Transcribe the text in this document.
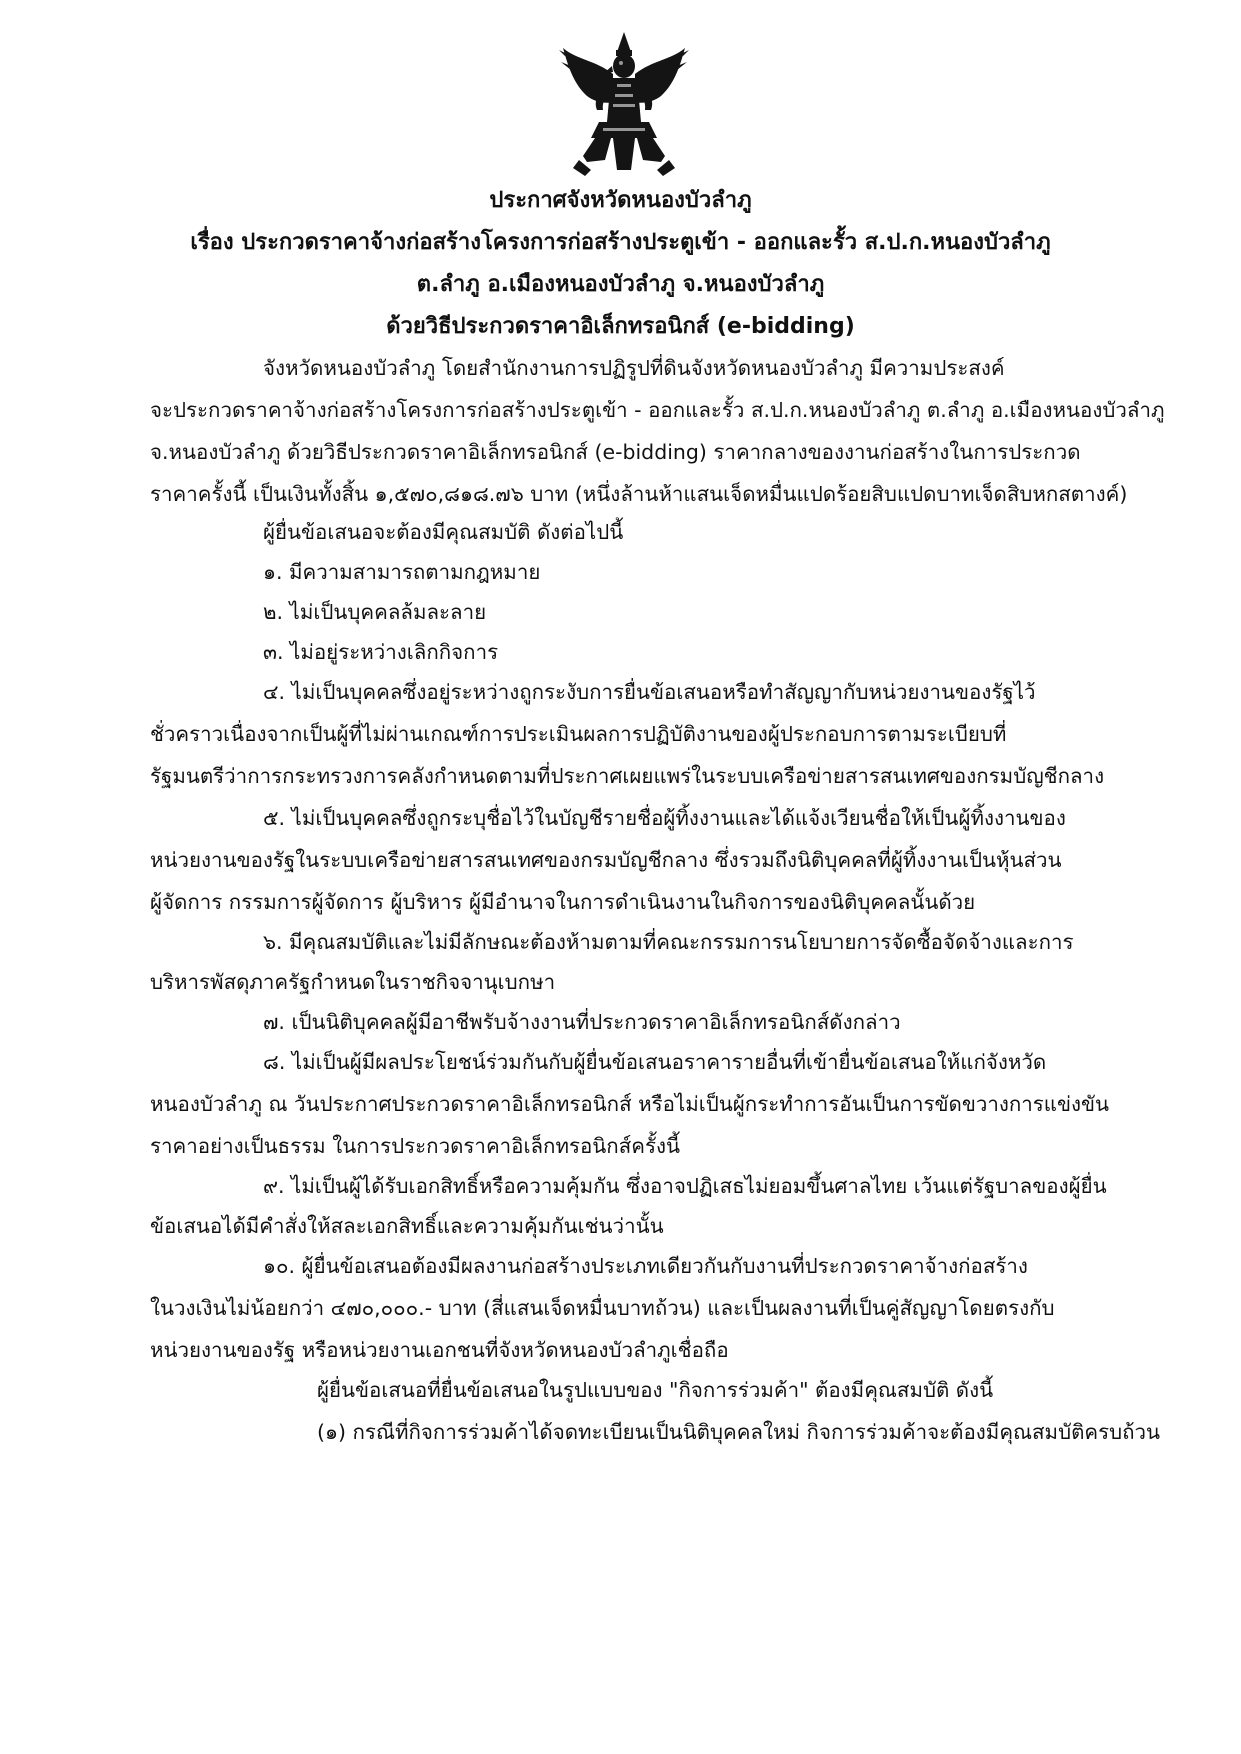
ประกาศจังหวัดหนองบัวลำภู
เรื่อง ประกวดราคาจ้างก่อสร้างโครงการก่อสร้างประตูเข้า - ออกและรั้ว ส.ป.ก.หนองบัวลำภู
ต.ลำภู อ.เมืองหนองบัวลำภู จ.หนองบัวลำภู
ด้วยวิธีประกวดราคาอิเล็กทรอนิกส์ (e-bidding)
จังหวัดหนองบัวลำภู โดยสำนักงานการปฏิรูปที่ดินจังหวัดหนองบัวลำภู มีความประสงค์
จะประกวดราคาจ้างก่อสร้างโครงการก่อสร้างประตูเข้า - ออกและรั้ว ส.ป.ก.หนองบัวลำภู ต.ลำภู อ.เมืองหนองบัวลำภู
จ.หนองบัวลำภู ด้วยวิธีประกวดราคาอิเล็กทรอนิกส์ (e-bidding) ราคากลางของงานก่อสร้างในการประกวด
ราคาครั้งนี้ เป็นเงินทั้งสิ้น ๑,๕๗๐,๘๑๘.๗๖ บาท (หนึ่งล้านห้าแสนเจ็ดหมื่นแปดร้อยสิบแปดบาทเจ็ดสิบหกสตางค์)
ผู้ยื่นข้อเสนอจะต้องมีคุณสมบัติ ดังต่อไปนี้
๑. มีความสามารถตามกฎหมาย
๒. ไม่เป็นบุคคลล้มละลาย
๓. ไม่อยู่ระหว่างเลิกกิจการ
๔. ไม่เป็นบุคคลซึ่งอยู่ระหว่างถูกระงับการยื่นข้อเสนอหรือทำสัญญากับหน่วยงานของรัฐไว้
ชั่วคราวเนื่องจากเป็นผู้ที่ไม่ผ่านเกณฑ์การประเมินผลการปฏิบัติงานของผู้ประกอบการตามระเบียบที่
รัฐมนตรีว่าการกระทรวงการคลังกำหนดตามที่ประกาศเผยแพร่ในระบบเครือข่ายสารสนเทศของกรมบัญชีกลาง
๕. ไม่เป็นบุคคลซึ่งถูกระบุชื่อไว้ในบัญชีรายชื่อผู้ทิ้งงานและได้แจ้งเวียนชื่อให้เป็นผู้ทิ้งงานของ
หน่วยงานของรัฐในระบบเครือข่ายสารสนเทศของกรมบัญชีกลาง ซึ่งรวมถึงนิติบุคคลที่ผู้ทิ้งงานเป็นหุ้นส่วน
ผู้จัดการ กรรมการผู้จัดการ ผู้บริหาร ผู้มีอำนาจในการดำเนินงานในกิจการของนิติบุคคลนั้นด้วย
๖. มีคุณสมบัติและไม่มีลักษณะต้องห้ามตามที่คณะกรรมการนโยบายการจัดซื้อจัดจ้างและการ
บริหารพัสดุภาครัฐกำหนดในราชกิจจานุเบกษา
๗. เป็นนิติบุคคลผู้มีอาชีพรับจ้างงานที่ประกวดราคาอิเล็กทรอนิกส์ดังกล่าว
๘. ไม่เป็นผู้มีผลประโยชน์ร่วมกันกับผู้ยื่นข้อเสนอราคารายอื่นที่เข้ายื่นข้อเสนอให้แก่จังหวัด
หนองบัวลำภู ณ วันประกาศประกวดราคาอิเล็กทรอนิกส์ หรือไม่เป็นผู้กระทำการอันเป็นการขัดขวางการแข่งขัน
ราคาอย่างเป็นธรรม ในการประกวดราคาอิเล็กทรอนิกส์ครั้งนี้
๙. ไม่เป็นผู้ได้รับเอกสิทธิ์หรือความคุ้มกัน ซึ่งอาจปฏิเสธไม่ยอมขึ้นศาลไทย เว้นแต่รัฐบาลของผู้ยื่น
ข้อเสนอได้มีคำสั่งให้สละเอกสิทธิ์และความคุ้มกันเช่นว่านั้น
๑๐. ผู้ยื่นข้อเสนอต้องมีผลงานก่อสร้างประเภทเดียวกันกับงานที่ประกวดราคาจ้างก่อสร้าง
ในวงเงินไม่น้อยกว่า ๔๗๐,๐๐๐.- บาท (สี่แสนเจ็ดหมื่นบาทถ้วน) และเป็นผลงานที่เป็นคู่สัญญาโดยตรงกับ
หน่วยงานของรัฐ หรือหน่วยงานเอกชนที่จังหวัดหนองบัวลำภูเชื่อถือ
ผู้ยื่นข้อเสนอที่ยื่นข้อเสนอในรูปแบบของ "กิจการร่วมค้า" ต้องมีคุณสมบัติ ดังนี้
(๑) กรณีที่กิจการร่วมค้าได้จดทะเบียนเป็นนิติบุคคลใหม่ กิจการร่วมค้าจะต้องมีคุณสมบัติครบถ้วน
